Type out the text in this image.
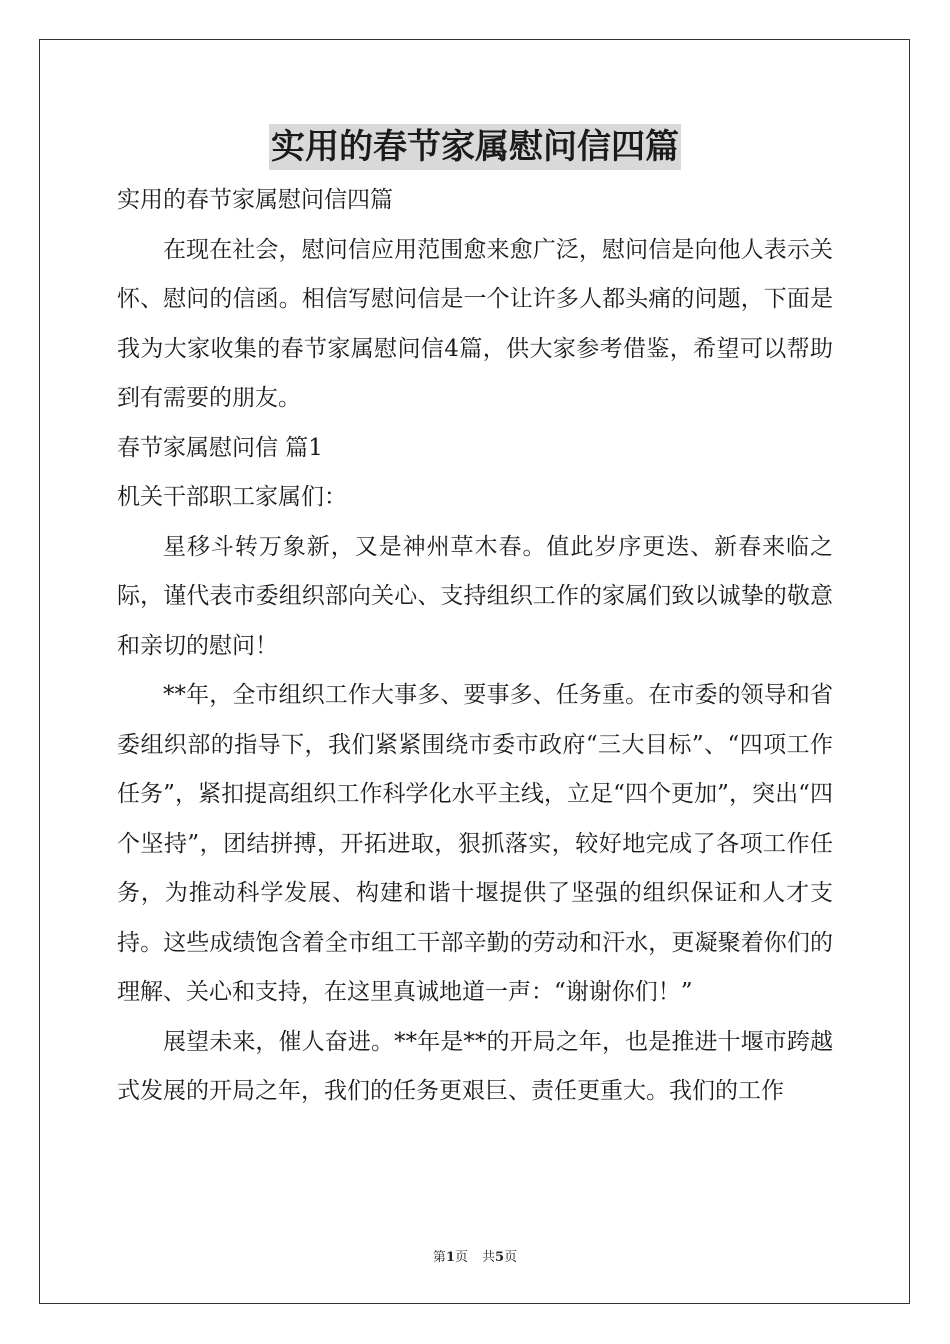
实用的春节家属慰问信四篇

实用的春节家属慰问信四篇

在现在社会，慰问信应用范围愈来愈广泛，慰问信是向他人表示关怀、慰问的信函。相信写慰问信是一个让许多人都头痛的问题，下面是我为大家收集的春节家属慰问信4篇，供大家参考借鉴，希望可以帮助到有需要的朋友。

春节家属慰问信 篇1

机关干部职工家属们：

星移斗转万象新，又是神州草木春。值此岁序更迭、新春来临之际，谨代表市委组织部向关心、支持组织工作的家属们致以诚挚的敬意和亲切的慰问！

**年，全市组织工作大事多、要事多、任务重。在市委的领导和省委组织部的指导下，我们紧紧围绕市委市政府“三大目标”、“四项工作任务”，紧扣提高组织工作科学化水平主线，立足“四个更加”，突出“四个坚持”，团结拼搏，开拓进取，狠抓落实，较好地完成了各项工作任务，为推动科学发展、构建和谐十堰提供了坚强的组织保证和人才支持。这些成绩饱含着全市组工干部辛勤的劳动和汗水，更凝聚着你们的理解、关心和支持，在这里真诚地道一声：“谢谢你们！”

展望未来，催人奋进。**年是**的开局之年，也是推进十堰市跨越式发展的开局之年，我们的任务更艰巨、责任更重大。我们的工作

第1页 共5页
